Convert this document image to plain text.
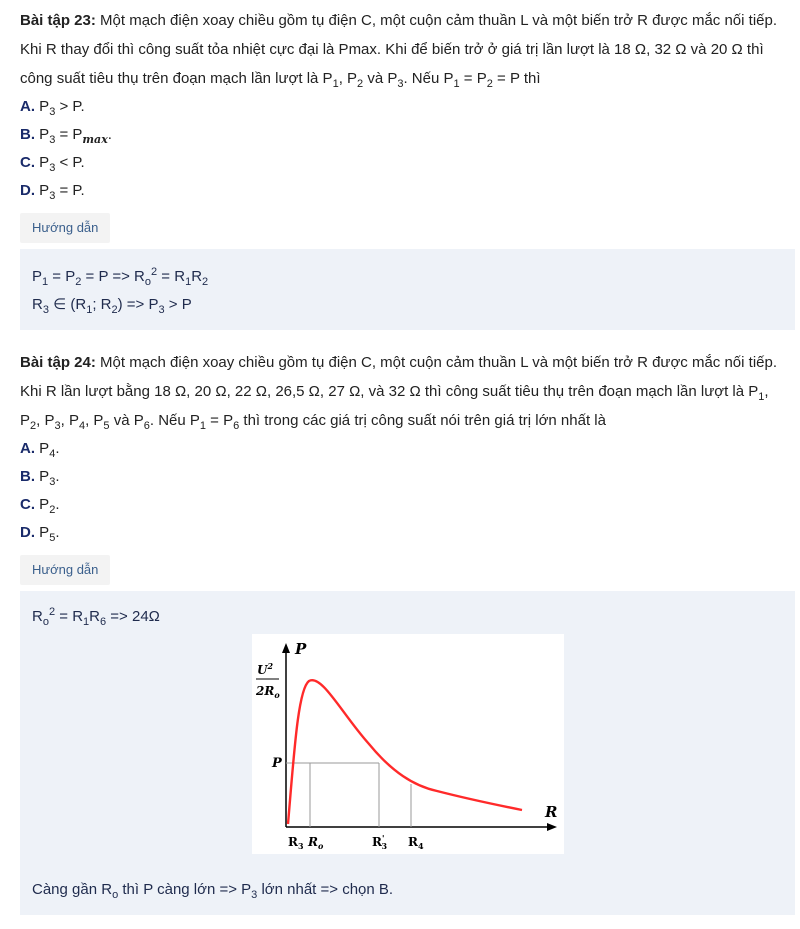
Bài tập 23: Một mạch điện xoay chiều gồm tụ điện C, một cuộn cảm thuần L và một biến trở R được mắc nối tiếp.
Khi R thay đổi thì công suất tỏa nhiệt cực đại là Pmax. Khi để biến trở ở giá trị lần lượt là 18 Ω, 32 Ω và 20 Ω thì
công suất tiêu thụ trên đoạn mạch lần lượt là $P_1$, $P_2$ và $P_3$. Nếu $P_1 = P_2 = P$ thì
A. $P_3 > P$.
B. $P_3 = P_{max}$.
C. $P_3 < P$.
D. $P_3 = P$.
Hướng dẫn
$P_1 = P_2 = P => R_o^2 = R_1R_2$
$R_3$ ∈ ($R_1$; $R_2) => P_3 > P$
Bài tập 24: Một mạch điện xoay chiều gồm tụ điện C, một cuộn cảm thuần L và một biến trở R được mắc nối tiếp.
Khi R lần lượt bằng 18 Ω, 20 Ω, 22 Ω, 26,5 Ω, 27 Ω, và 32 Ω thì công suất tiêu thụ trên đoạn mạch lần lượt là $P_1$,
$P_2$, $P_3$, $P_4$, $P_5$ và $P_6$. Nếu $P_1 = P_6$ thì trong các giá trị công suất nói trên giá trị lớn nhất là
A. $P_4$.
B. $P_3$.
C. $P_2$.
D. $P_5$.
Hướng dẫn
$R_o^2 = R_1R_6 => 24\Omega$
P
$U^2$
$2R_o$
P
R
$R_3$ $R_o$	R' 3 $R_4$
Càng gần $R_o$ thì P càng lớn => $P_3$ lớn nhất => chọn B.
